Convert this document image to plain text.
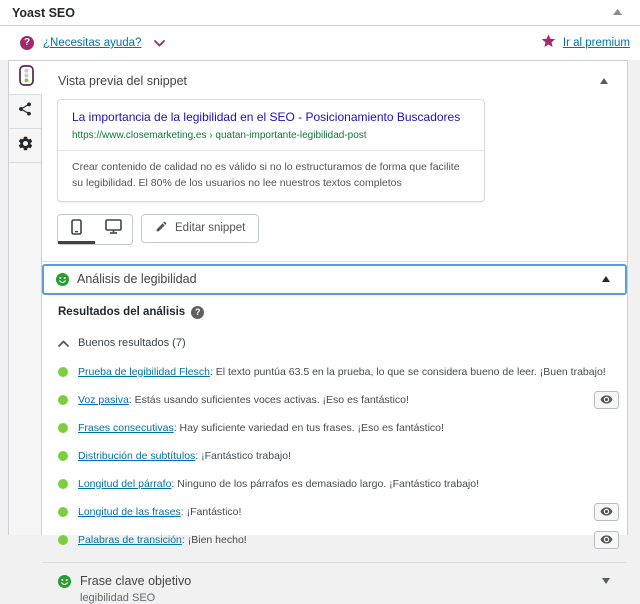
Yoast SEO
?	¿Necesitas ayuda?	Ir al premium
Vista previa del snippet
La importancia de la legibilidad en el SEO - Posicionamiento Buscadores
https://www.closemarketing.es › quatan-importante-legibilidad-post
Crear contenido de calidad no es válido si no lo estructuramos de forma que facilite su legibilidad. El 80% de los usuarios no lee nuestros textos completos
Editar snippet
Análisis de legibilidad
Resultados del análisis	?
Buenos resultados (7)
Prueba de legibilidad Flesch: El texto puntúa 63.5 en la prueba, lo que se considera bueno de leer. ¡Buen trabajo!
Voz pasiva: Estás usando suficientes voces activas. ¡Eso es fantástico!
Frases consecutivas: Hay suficiente variedad en tus frases. ¡Eso es fantástico!
Distribución de subtítulos: ¡Fantástico trabajo!
Longitud del párrafo: Ninguno de los párrafos es demasiado largo. ¡Fantástico trabajo!
Longitud de las frases: ¡Fantástico!
Palabras de transición: ¡Bien hecho!
Frase clave objetivo
legibilidad SEO
